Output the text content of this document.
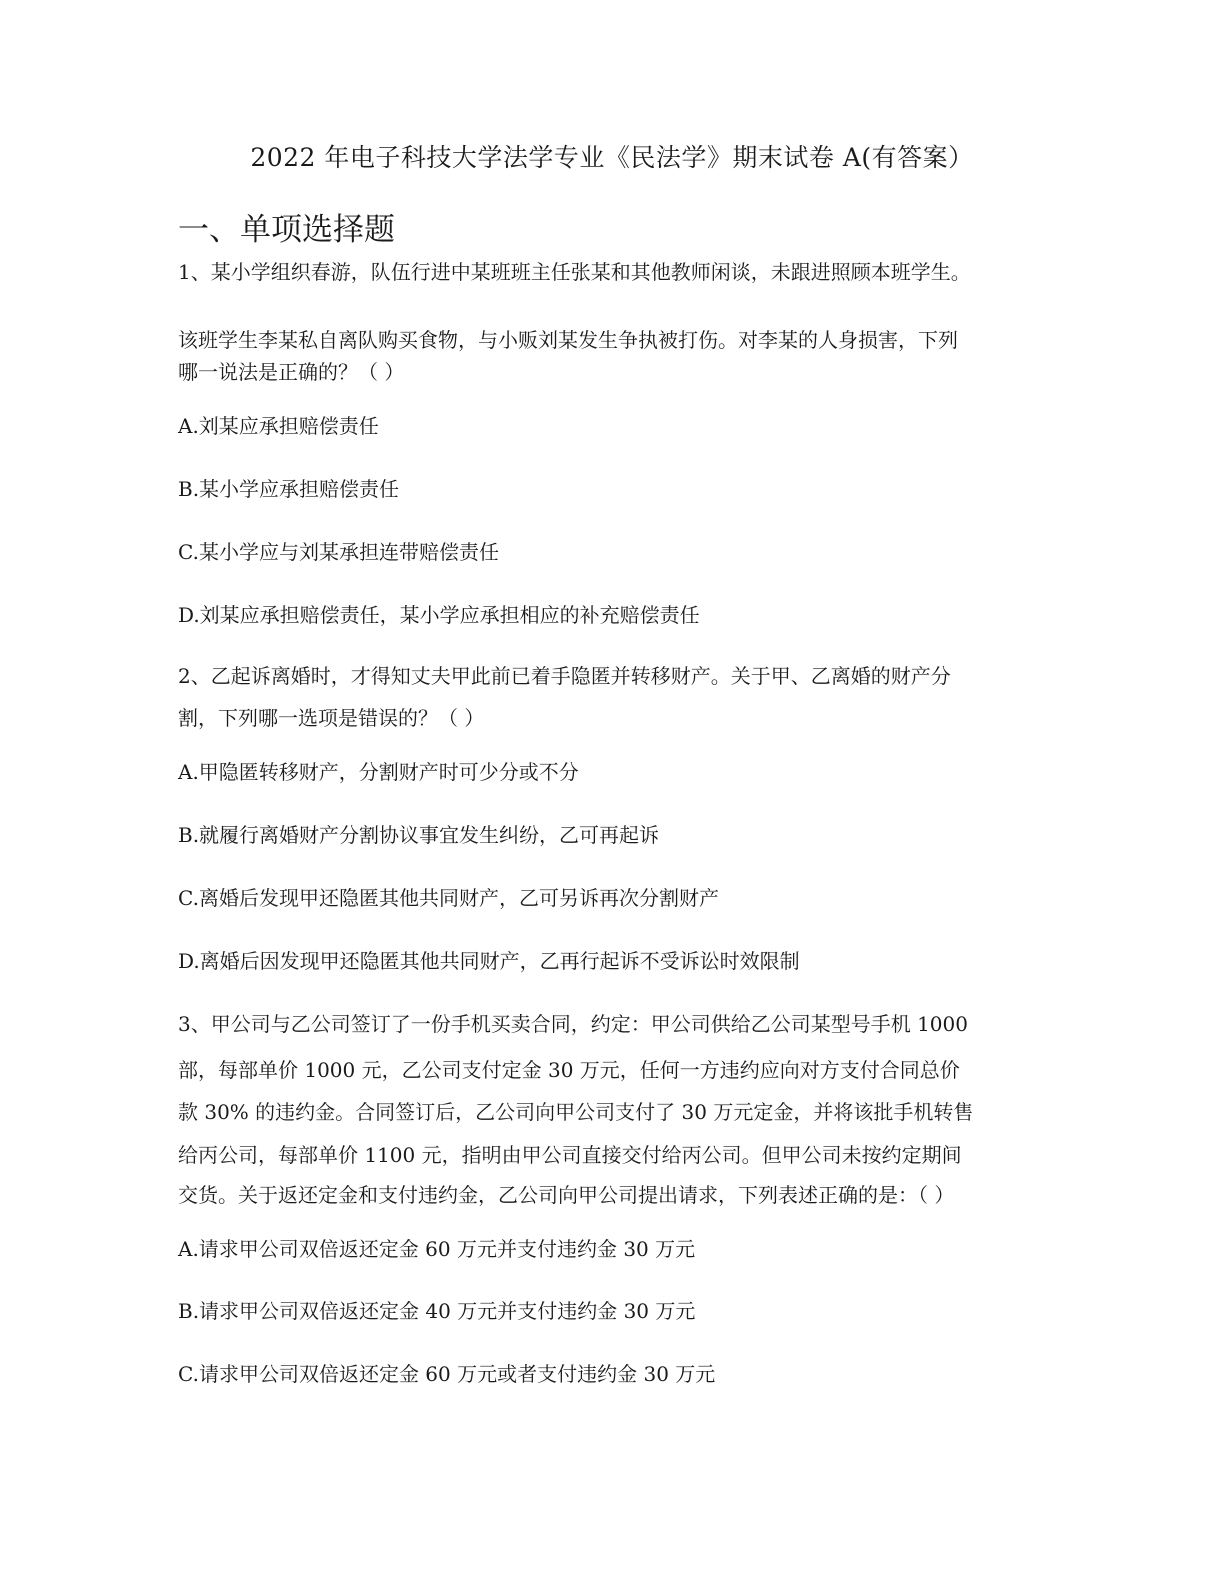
2022 年电子科技大学法学专业《民法学》期末试卷 A(有答案）
一、单项选择题
1、某小学组织春游，队伍行进中某班班主任张某和其他教师闲谈，未跟进照顾本班学生。
该班学生李某私自离队购买食物，与小贩刘某发生争执被打伤。对李某的人身损害，下列
哪一说法是正确的？（ ）
A.刘某应承担赔偿责任
B.某小学应承担赔偿责任
C.某小学应与刘某承担连带赔偿责任
D.刘某应承担赔偿责任，某小学应承担相应的补充赔偿责任
2、乙起诉离婚时，才得知丈夫甲此前已着手隐匿并转移财产。关于甲、乙离婚的财产分
割，下列哪一选项是错误的？（ ）
A.甲隐匿转移财产，分割财产时可少分或不分
B.就履行离婚财产分割协议事宜发生纠纷，乙可再起诉
C.离婚后发现甲还隐匿其他共同财产，乙可另诉再次分割财产
D.离婚后因发现甲还隐匿其他共同财产，乙再行起诉不受诉讼时效限制
3、甲公司与乙公司签订了一份手机买卖合同，约定：甲公司供给乙公司某型号手机 1000
部，每部单价 1000 元，乙公司支付定金 30 万元，任何一方违约应向对方支付合同总价
款 30% 的违约金。合同签订后，乙公司向甲公司支付了 30 万元定金，并将该批手机转售
给丙公司，每部单价 1100 元，指明由甲公司直接交付给丙公司。但甲公司未按约定期间
交货。关于返还定金和支付违约金，乙公司向甲公司提出请求，下列表述正确的是：（ ）
A.请求甲公司双倍返还定金 60 万元并支付违约金 30 万元
B.请求甲公司双倍返还定金 40 万元并支付违约金 30 万元
C.请求甲公司双倍返还定金 60 万元或者支付违约金 30 万元
